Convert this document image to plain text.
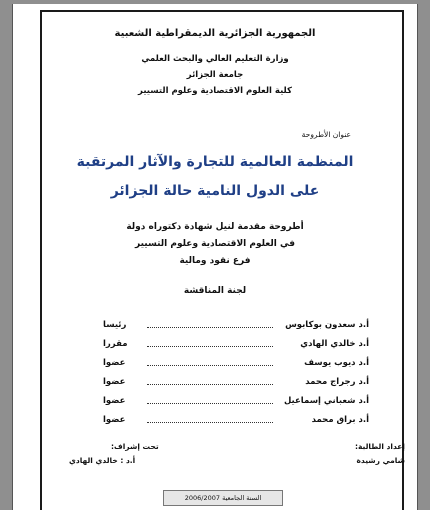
الجمهورية الجزائرية الديمقراطية الشعبية
وزارة التعليم العالي والبحث العلمي
جامعة الجزائر
كلية العلوم الاقتصادية وعلوم التسيير
عنوان الأطروحة
المنظمة العالمية للتجارة والآثار المرتقبة
على الدول النامية حالة الجزائر
أطروحة مقدمة لنيل شهادة دكتوراه دولة
في العلوم الاقتصادية وعلوم التسيير
فرع نقود ومالية
لجنة المناقشة
أ.د سعدون بوكابوس
رئيسا
أ.د خالدي الهادي
مقررا
أ.د ديوب يوسف
عضوا
أ.د رجراج محمد
عضوا
أ.د شعباني إسماعيل
عضوا
أ.د براق محمد
عضوا
إعداد الطالبة:
شامي رشيدة
تحت إشراف:
أ.د : خالدي الهادي
السنة الجامعية 2006/2007
